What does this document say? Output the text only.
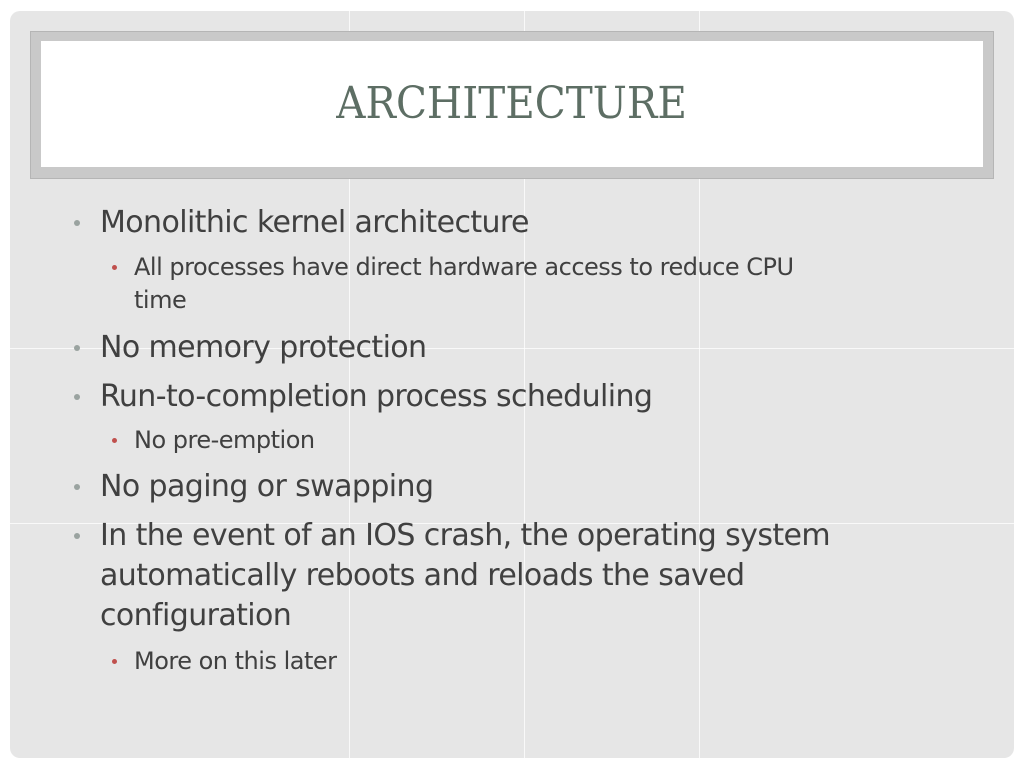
ARCHITECTURE
Monolithic kernel architecture
All processes have direct hardware access to reduce CPU
time
No memory protection
Run-to-completion process scheduling
No pre-emption
No paging or swapping
In the event of an IOS crash, the operating system
automatically reboots and reloads the saved
configuration
More on this later
